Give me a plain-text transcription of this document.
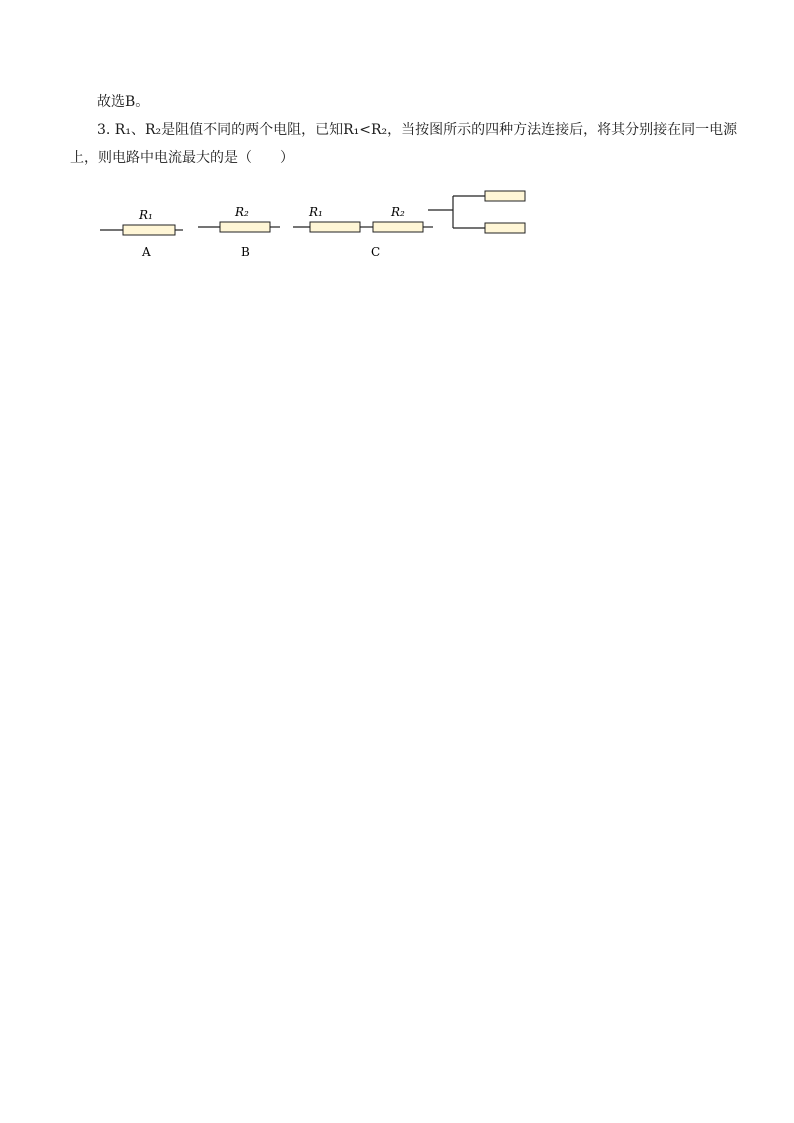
故选B。
3. R₁、R₂是阻值不同的两个电阻，已知R₁<R₂，当按图所示的四种方法连接后，将其分别接在同一电源
上，则电路中电流最大的是（　　）
R₁
A
R₂
B
R₁	R₂
C
